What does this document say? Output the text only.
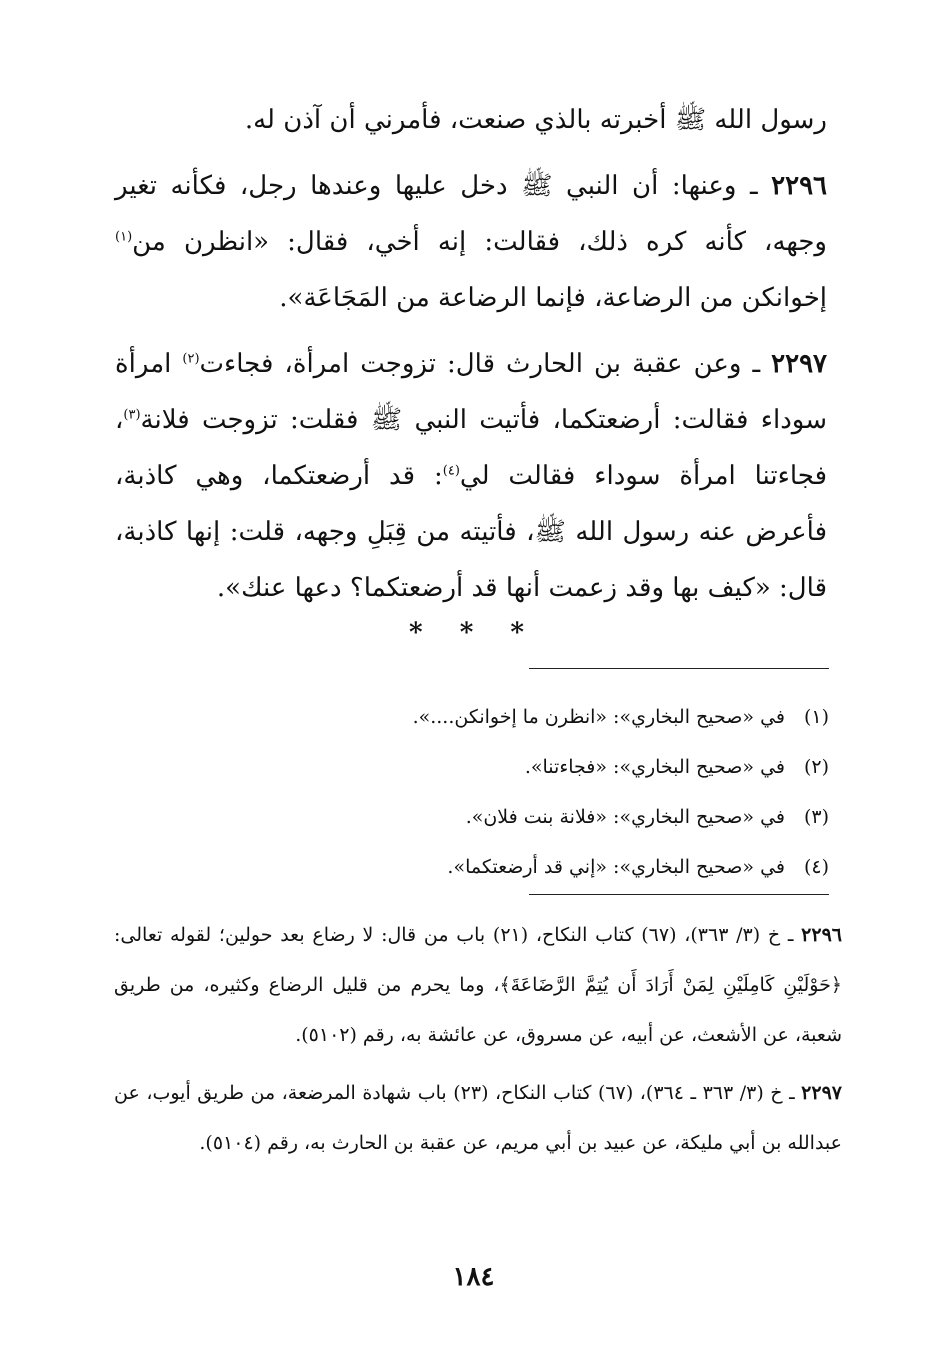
رسول الله ﷺ أخبرته بالذي صنعت، فأمرني أن آذن له.

٢٢٩٦ ـ وعنها: أن النبي ﷺ دخل عليها وعندها رجل، فكأنه تغير وجهه، كأنه كره ذلك، فقالت: إنه أخي، فقال: «انظرن من$^{(١)}$ إخوانكن من الرضاعة، فإنما الرضاعة من المَجَاعَة».

٢٢٩٧ ـ وعن عقبة بن الحارث قال: تزوجت امرأة، فجاءت$^{(٢)}$ امرأة سوداء فقالت: أرضعتكما، فأتيت النبي ﷺ فقلت: تزوجت فلانة$^{(٣)}$، فجاءتنا امرأة سوداء فقالت لي$^{(٤)}$: قد أرضعتكما، وهي كاذبة، فأعرض عنه رسول الله ﷺ، فأتيته من قِبَلِ وجهه، قلت: إنها كاذبة، قال: «كيف بها وقد زعمت أنها قد أرضعتكما؟ دعها عنك».

* * *
(١)في «صحيح البخاري»: «انظرن ما إخوانكن....».
(٢)في «صحيح البخاري»: «فجاءتنا».
(٣)في «صحيح البخاري»: «فلانة بنت فلان».
(٤)في «صحيح البخاري»: «إني قد أرضعتكما».

٢٢٩٦ ـ خ (٣/ ٣٦٣)، (٦٧) كتاب النكاح، (٢١) باب من قال: لا رضاع بعد حولين؛ لقوله تعالى: ﴿حَوْلَيْنِ كَامِلَيْنِ لِمَنْ أَرَادَ أَن يُتِمَّ الرَّضَاعَةَ﴾، وما يحرم من قليل الرضاع وكثيره، من طريق شعبة، عن الأشعث، عن أبيه، عن مسروق، عن عائشة به، رقم (٥١٠٢).

٢٢٩٧ ـ خ (٣/ ٣٦٣ ـ ٣٦٤)، (٦٧) كتاب النكاح، (٢٣) باب شهادة المرضعة، من طريق أيوب، عن عبدالله بن أبي مليكة، عن عبيد بن أبي مريم، عن عقبة بن الحارث به، رقم (٥١٠٤).

١٨٤
